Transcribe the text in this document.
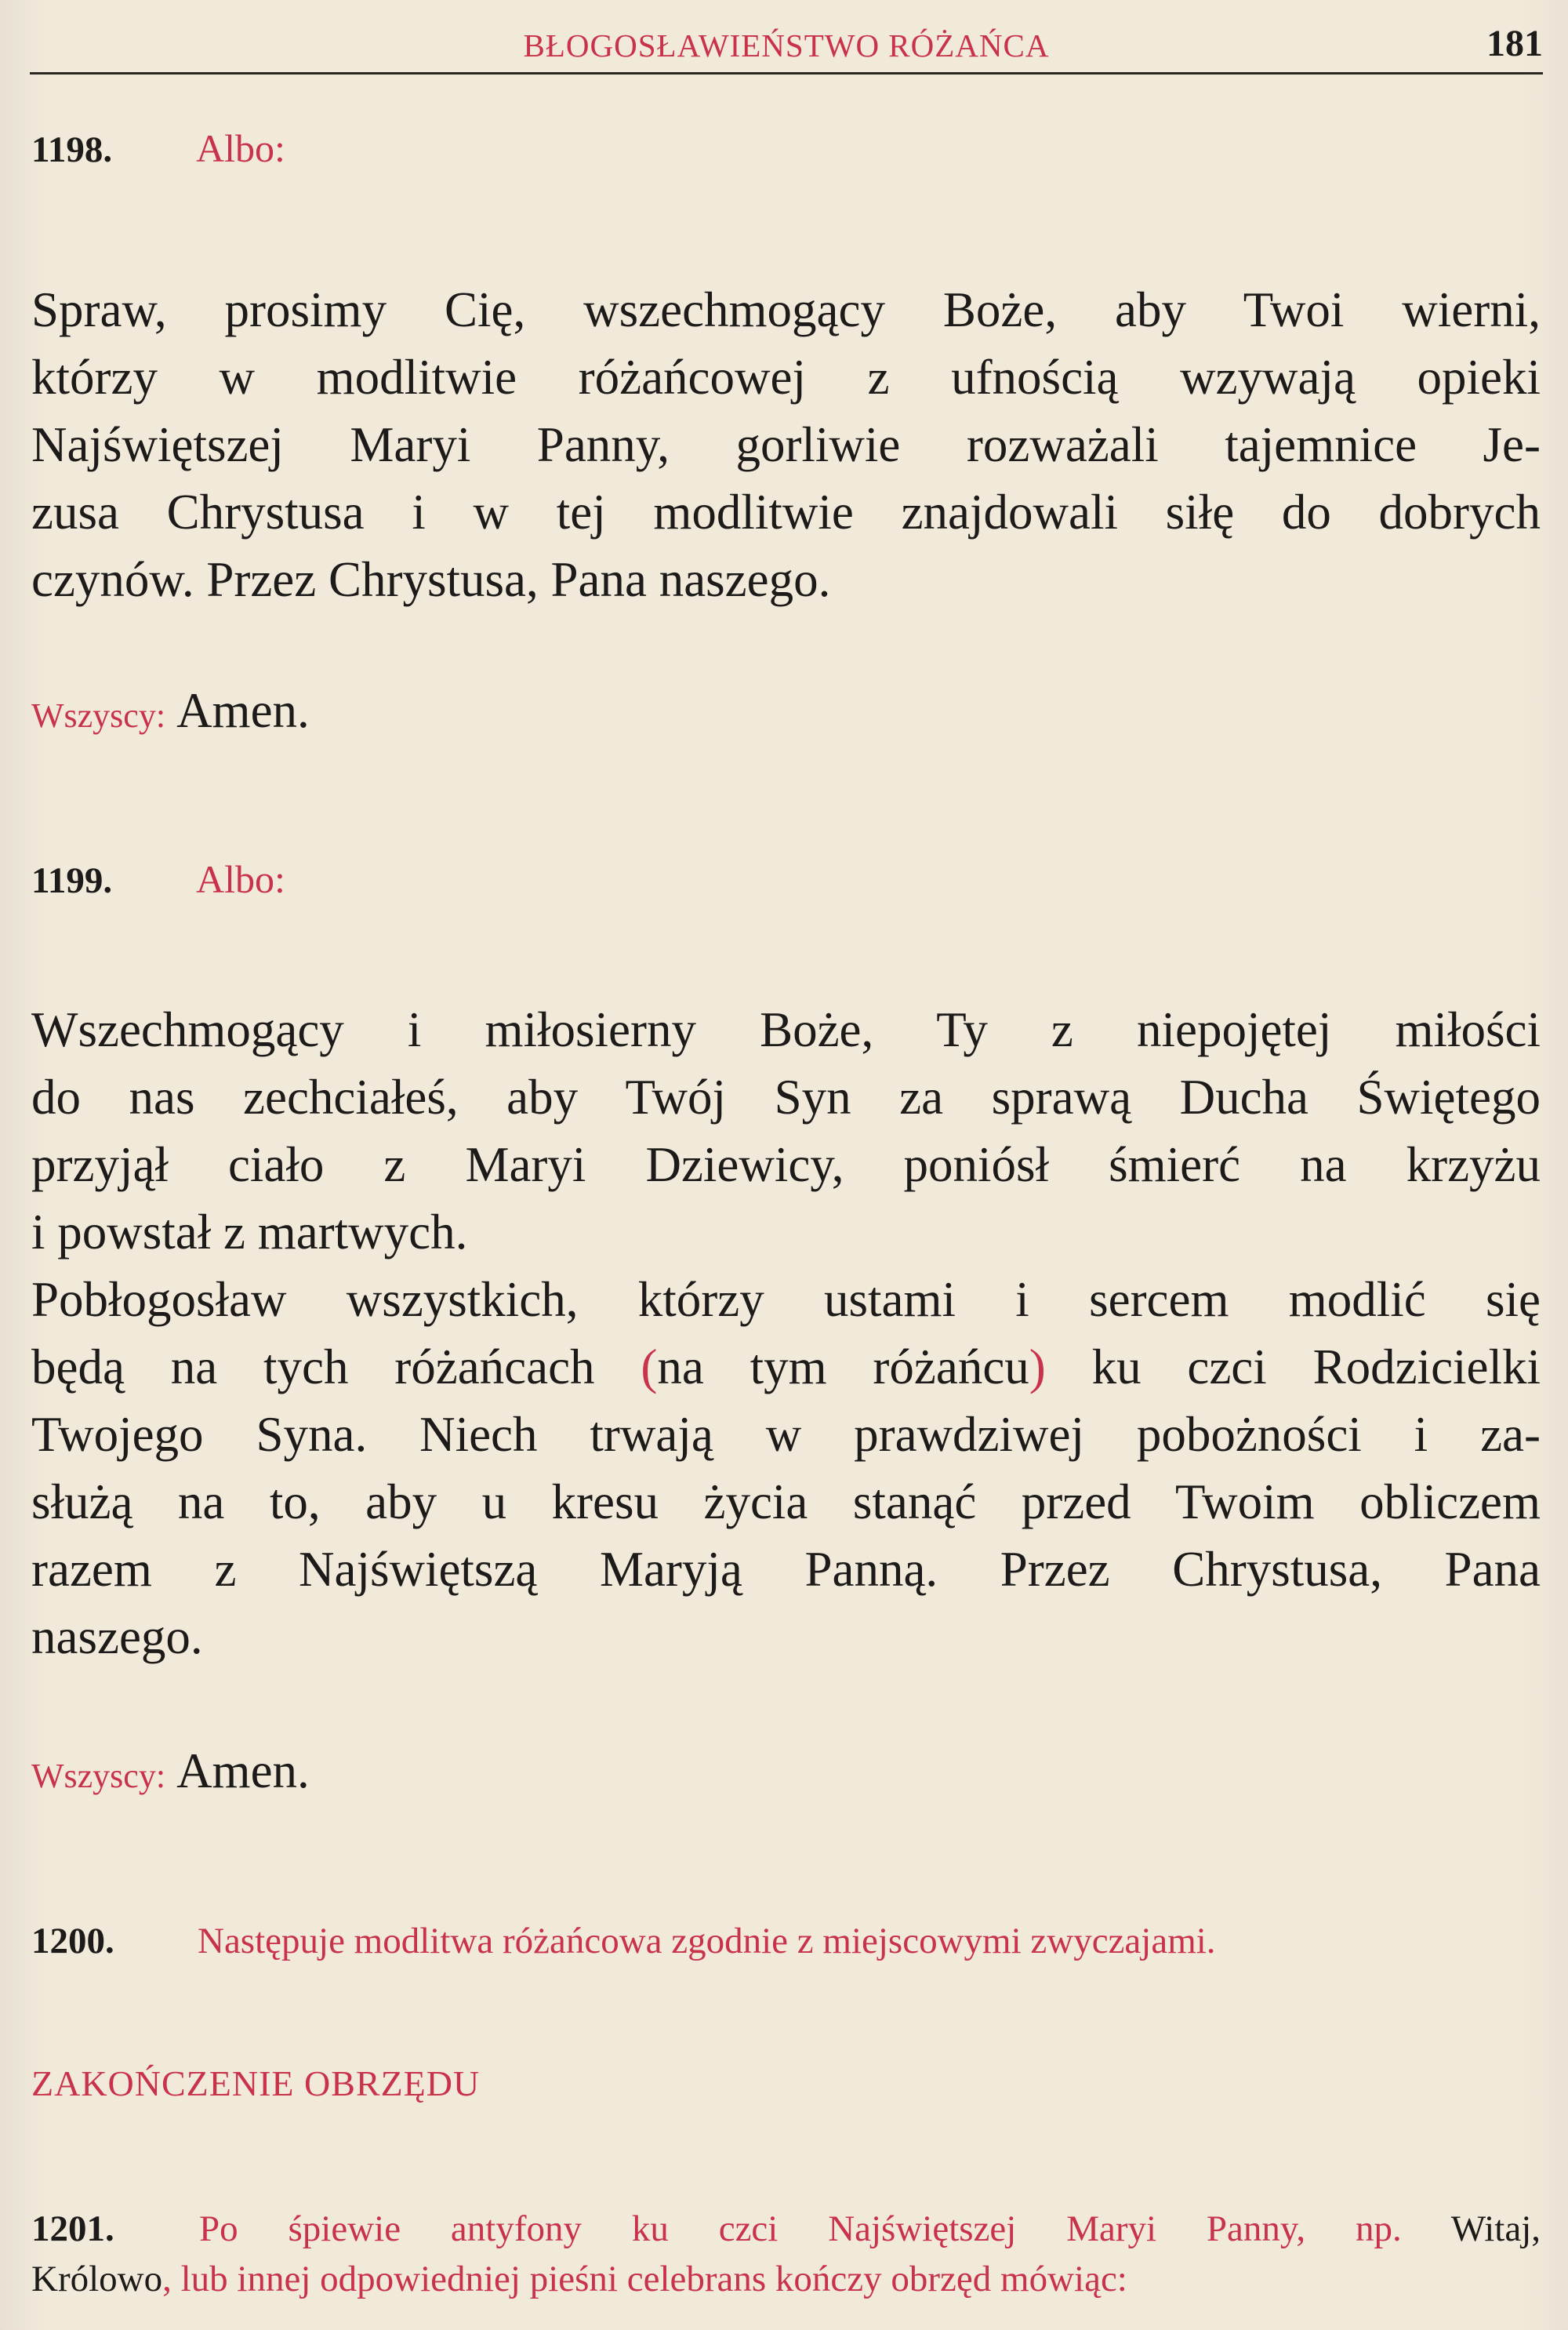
BŁOGOSŁAWIEŃSTWO RÓŻAŃCA	181
1198. Albo:
Spraw, prosimy Cię, wszechmogący Boże, aby Twoi wierni,
którzy w modlitwie różańcowej z ufnością wzywają opieki
Najświętszej Maryi Panny, gorliwie rozważali tajemnice Je-
zusa Chrystusa i w tej modlitwie znajdowali siłę do dobrych
czynów. Przez Chrystusa, Pana naszego.
Wszyscy: Amen.
1199. Albo:
Wszechmogący i miłosierny Boże, Ty z niepojętej miłości
do nas zechciałeś, aby Twój Syn za sprawą Ducha Świętego
przyjął ciało z Maryi Dziewicy, poniósł śmierć na krzyżu
i powstał z martwych.
Pobłogosław wszystkich, którzy ustami i sercem modlić się
będą na tych różańcach (na tym różańcu) ku czci Rodzicielki
Twojego Syna. Niech trwają w prawdziwej pobożności i za-
służą na to, aby u kresu życia stanąć przed Twoim obliczem
razem z Najświętszą Maryją Panną. Przez Chrystusa, Pana
naszego.
Wszyscy: Amen.
1200. Następuje modlitwa różańcowa zgodnie z miejscowymi zwyczajami.
ZAKOŃCZENIE OBRZĘDU
1201. Po śpiewie antyfony ku czci Najświętszej Maryi Panny, np. Witaj,
Królowo, lub innej odpowiedniej pieśni celebrans kończy obrzęd mówiąc:
